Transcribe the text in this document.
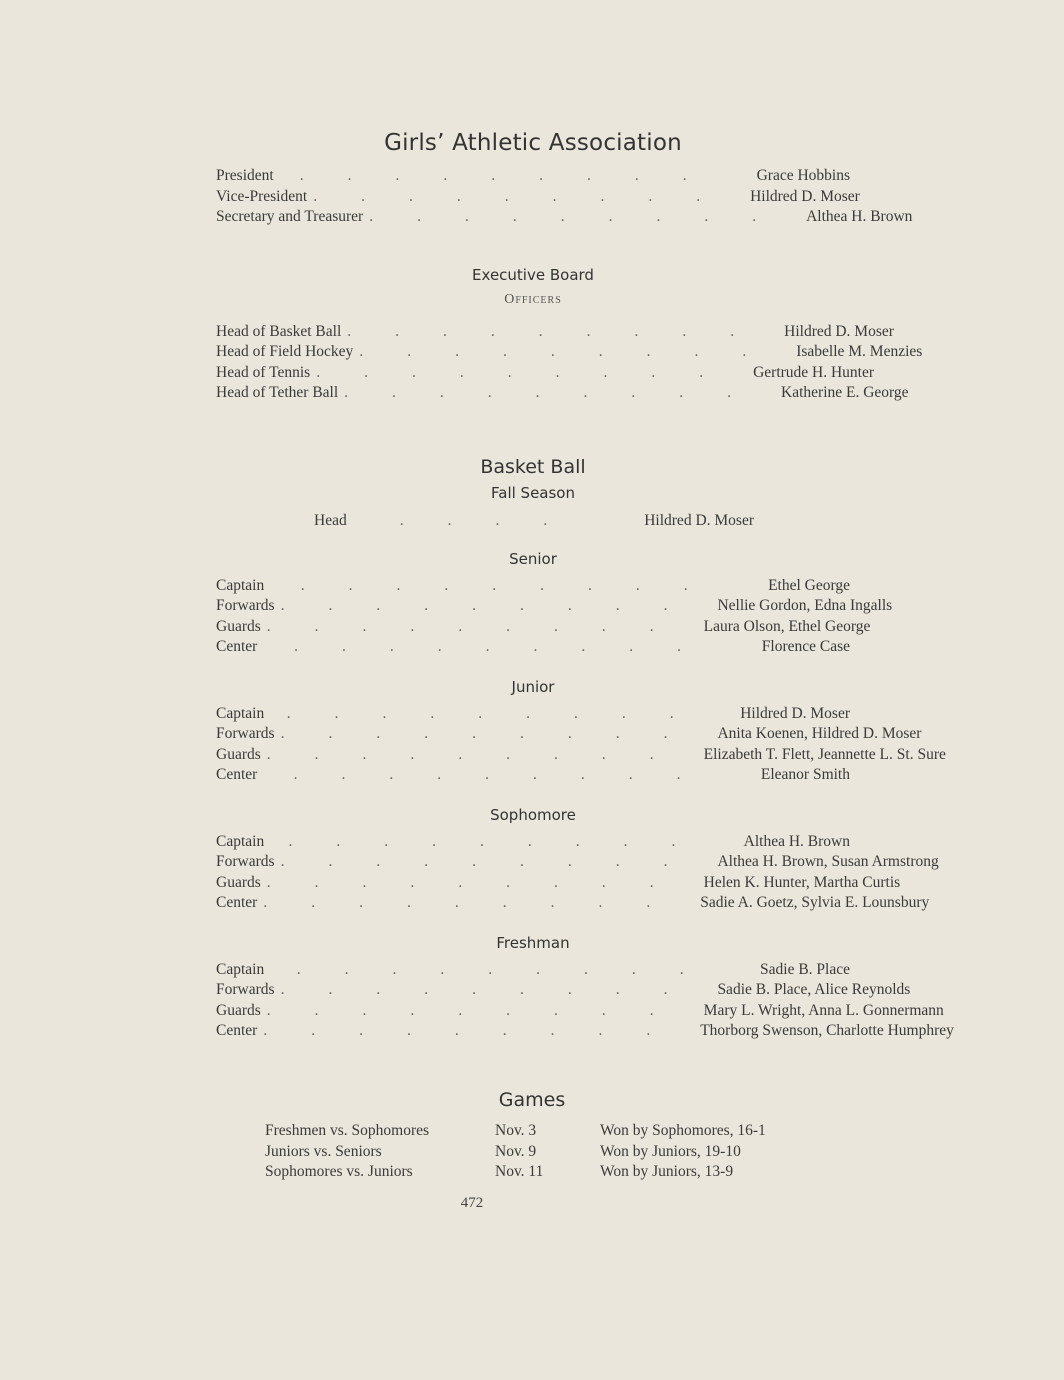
Girls’ Athletic Association
President	.........	Grace Hobbins
Vice-President ......... Hildred D. Moser
Secretary and Treasurer ......... Althea H. Brown
Executive Board
Officers
Head of Basket Ball ......... Hildred D. Moser
Head of Field Hockey ......... Isabelle M. Menzies
Head of Tennis ......... Gertrude H. Hunter
Head of Tether Ball ......... Katherine E. George
Basket Ball
Fall Season
Head	....	Hildred D. Moser
Senior
Captain	.........	Ethel George
Forwards ......... Nellie Gordon, Edna Ingalls
Guards ......... Laura Olson, Ethel George
Center	.........	Florence Case
Junior
Captain	.........	Hildred D. Moser
Forwards ......... Anita Koenen, Hildred D. Moser
Guards ......... Elizabeth T. Flett, Jeannette L. St. Sure
Center	.........	Eleanor Smith
Sophomore
Captain	.........	Althea H. Brown
Forwards ......... Althea H. Brown, Susan Armstrong
Guards ......... Helen K. Hunter, Martha Curtis
Center ......... Sadie A. Goetz, Sylvia E. Lounsbury
Freshman
Captain	.........	Sadie B. Place
Forwards ......... Sadie B. Place, Alice Reynolds
Guards ......... Mary L. Wright, Anna L. Gonnermann
Center ......... Thorborg Swenson, Charlotte Humphrey
Games
Freshmen vs. Sophomores	Nov. 3	Won by Sophomores, 16-1
Juniors vs. Seniors	Nov. 9	Won by Juniors, 19-10
Sophomores vs. Juniors	Nov. 11	Won by Juniors, 13-9
472
